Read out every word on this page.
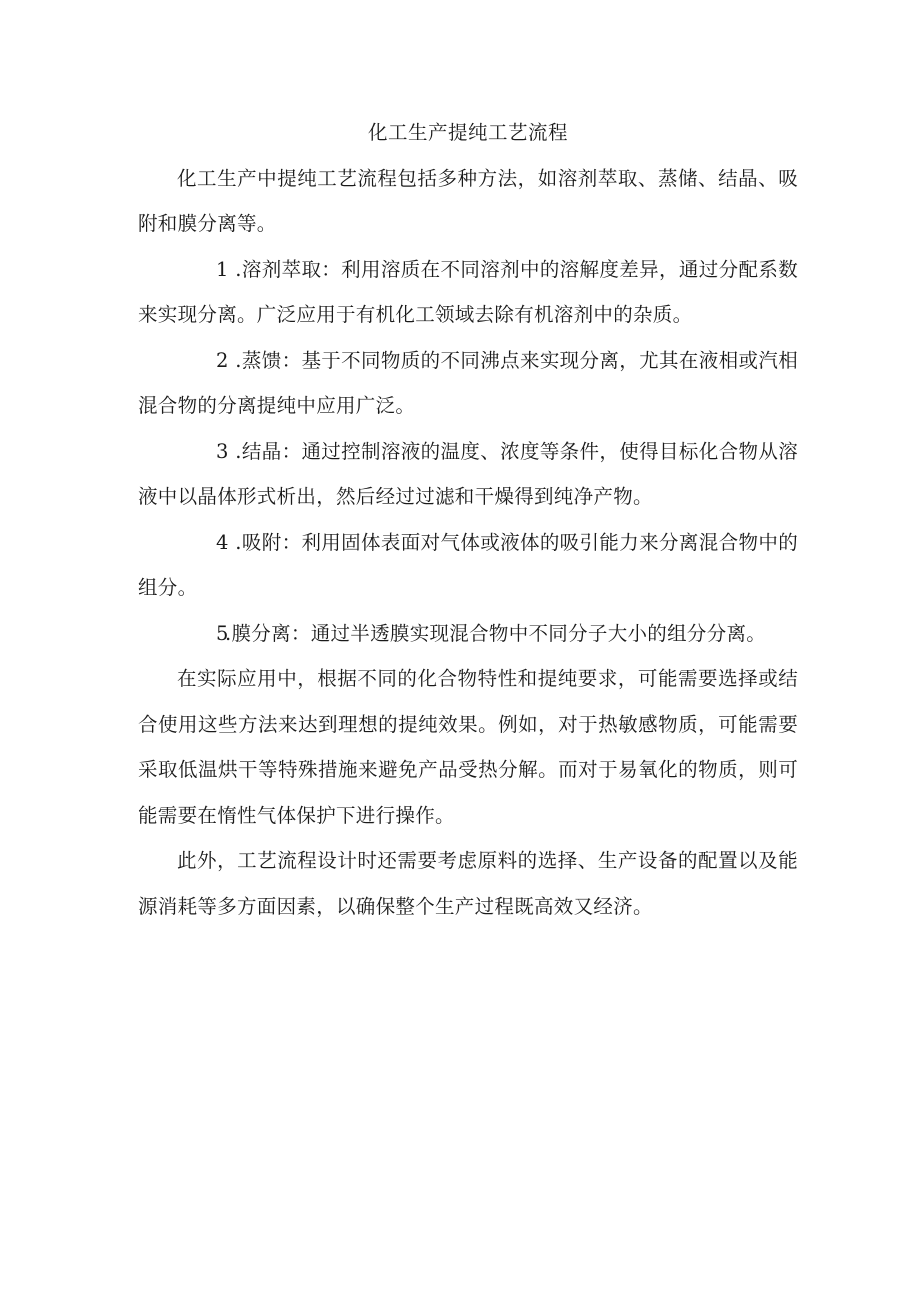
化工生产提纯工艺流程

化工生产中提纯工艺流程包括多种方法，如溶剂萃取、蒸储、结晶、吸附和膜分离等。

1 .溶剂萃取：利用溶质在不同溶剂中的溶解度差异，通过分配系数来实现分离。广泛应用于有机化工领域去除有机溶剂中的杂质。

2 .蒸馈：基于不同物质的不同沸点来实现分离，尤其在液相或汽相混合物的分离提纯中应用广泛。

3 .结晶：通过控制溶液的温度、浓度等条件，使得目标化合物从溶液中以晶体形式析出，然后经过过滤和干燥得到纯净产物。

4 .吸附：利用固体表面对气体或液体的吸引能力来分离混合物中的组分。

5.膜分离：通过半透膜实现混合物中不同分子大小的组分分离。

在实际应用中，根据不同的化合物特性和提纯要求，可能需要选择或结合使用这些方法来达到理想的提纯效果。例如，对于热敏感物质，可能需要采取低温烘干等特殊措施来避免产品受热分解。而对于易氧化的物质，则可能需要在惰性气体保护下进行操作。

此外，工艺流程设计时还需要考虑原料的选择、生产设备的配置以及能源消耗等多方面因素，以确保整个生产过程既高效又经济。
